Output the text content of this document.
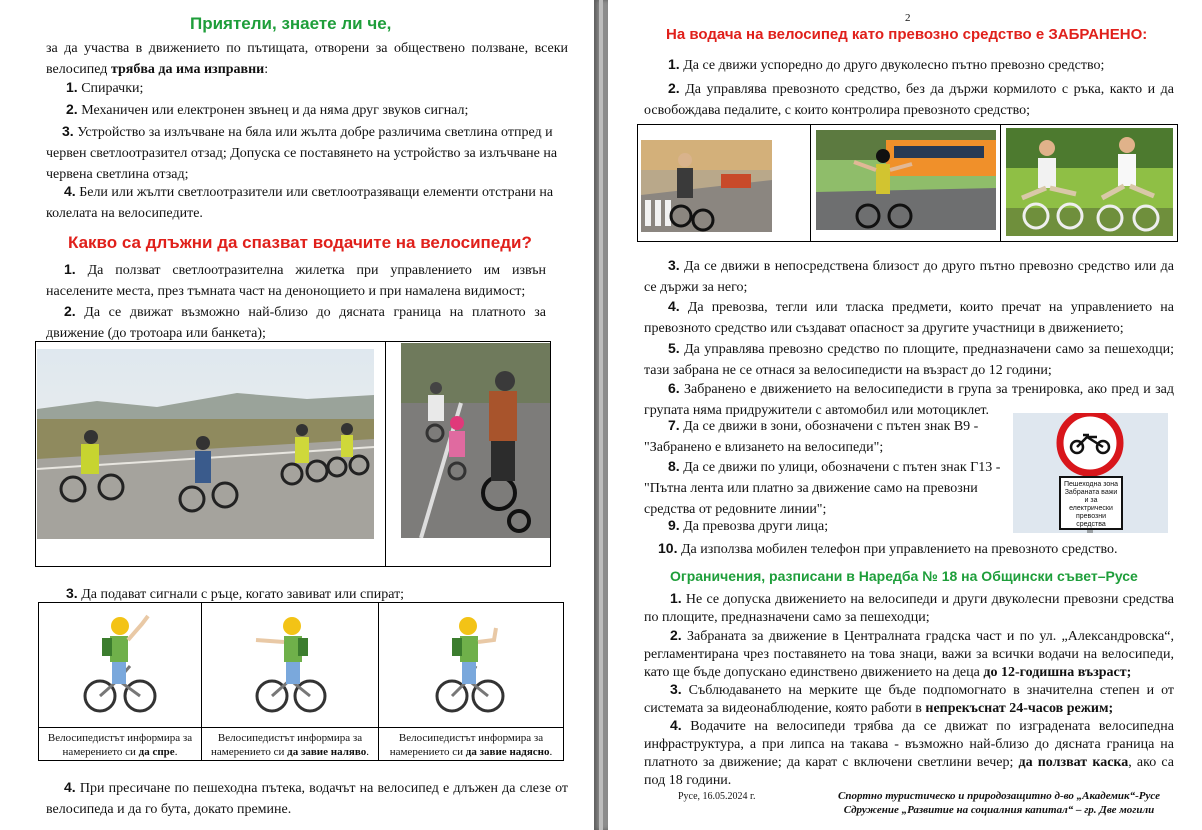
Приятели, знаете ли че,
за да участва в движението по пътищата, отворени за обществено ползване, всеки велосипед трябва да има изправни:
1. Спирачки;
2. Механичен или електронен звънец и да няма друг звуков сигнал;
3. Устройство за излъчване на бяла или жълта добре различима светлина отпред и червен светлоотразител отзад; Допуска се поставянето на устройство за излъчване на червена светлина отзад;
4. Бели или жълти светлоотразители или светлоотразяващи елементи отстрани на колелата на велосипедите.
Какво са длъжни да спазват водачите на велосипеди?
1. Да ползват светлоотразителна жилетка при управлението им извън населените места, през тъмната част на денонощието и при намалена видимост;
2. Да се движат възможно най-близо до дясната граница на платното за движение (до тротоара или банкета);
3. Да подават сигнали с ръце, когато завиват или спират;
Велосипедистът информира за намерението си да спре.
Велосипедистът информира за намерението си да завие наляво.
Велосипедистът информира за намерението си да завие надясно.
4. При пресичане по пешеходна пътека, водачът на велосипед е длъжен да слезе от велосипеда и да го бута, докато премине.
2
На водача на велосипед като превозно средство е ЗАБРАНЕНО:
1. Да се движи успоредно до друго двуколесно пътно превозно средство;
2. Да управлява превозното средство, без да държи кормилото с ръка, както и да освобождава педалите, с които контролира превозното средство;
3. Да се движи в непосредствена близост до друго пътно превозно средство или да се държи за него;
4. Да превозва, тегли или тласка предмети, които пречат на управлението на превозното средство или създават опасност за другите участници в движението;
5. Да управлява превозно средство по площите, предназначени само за пешеходци; тази забрана не се отнася за велосипедисти на възраст до 12 години;
6. Забранено е движението на велосипедисти в група за тренировка, ако пред и зад групата няма придружители с автомобил или мотоциклет.
7. Да се движи в зони, обозначени с пътен знак В9 - "Забранено е влизането на велосипеди";
8. Да се движи по улици, обозначени с пътен знак Г13 - "Пътна лента или платно за движение само на превозни средства от редовните линии";
Пешеходна зона Забраната важи и за електрически превозни средства
9. Да превозва други лица;
10. Да използва мобилен телефон при управлението на превозното средство.
Ограничения, разписани в Наредба № 18 на Общински съвет–Русе
1. Не се допуска движението на велосипеди и други двуколесни превозни средства по площите, предназначени само за пешеходци;
2. Забраната за движение в Централната градска част и по ул. „Александровска“, регламентирана чрез поставянето на това знаци, важи за всички водачи на велосипеди, като ще бъде допускано единствено движението на деца до 12-годишна възраст;
3. Съблюдаването на мерките ще бъде подпомогнато в значителна степен и от системата за видеонаблюдение, която работи в непрекъснат 24-часов режим;
4. Водачите на велосипеди трябва да се движат по изградената велосипедна инфраструктура, а при липса на такава - възможно най-близо до дясната граница на платното за движение; да карат с включени светлини вечер; да ползват каска, ако са под 18 години.
Русе, 16.05.2024 г.	Спортно туристическо и природозащитно д-во „Академик“-Русе
Сдружение „Развитие на социалния капитал“ – гр. Две могили
